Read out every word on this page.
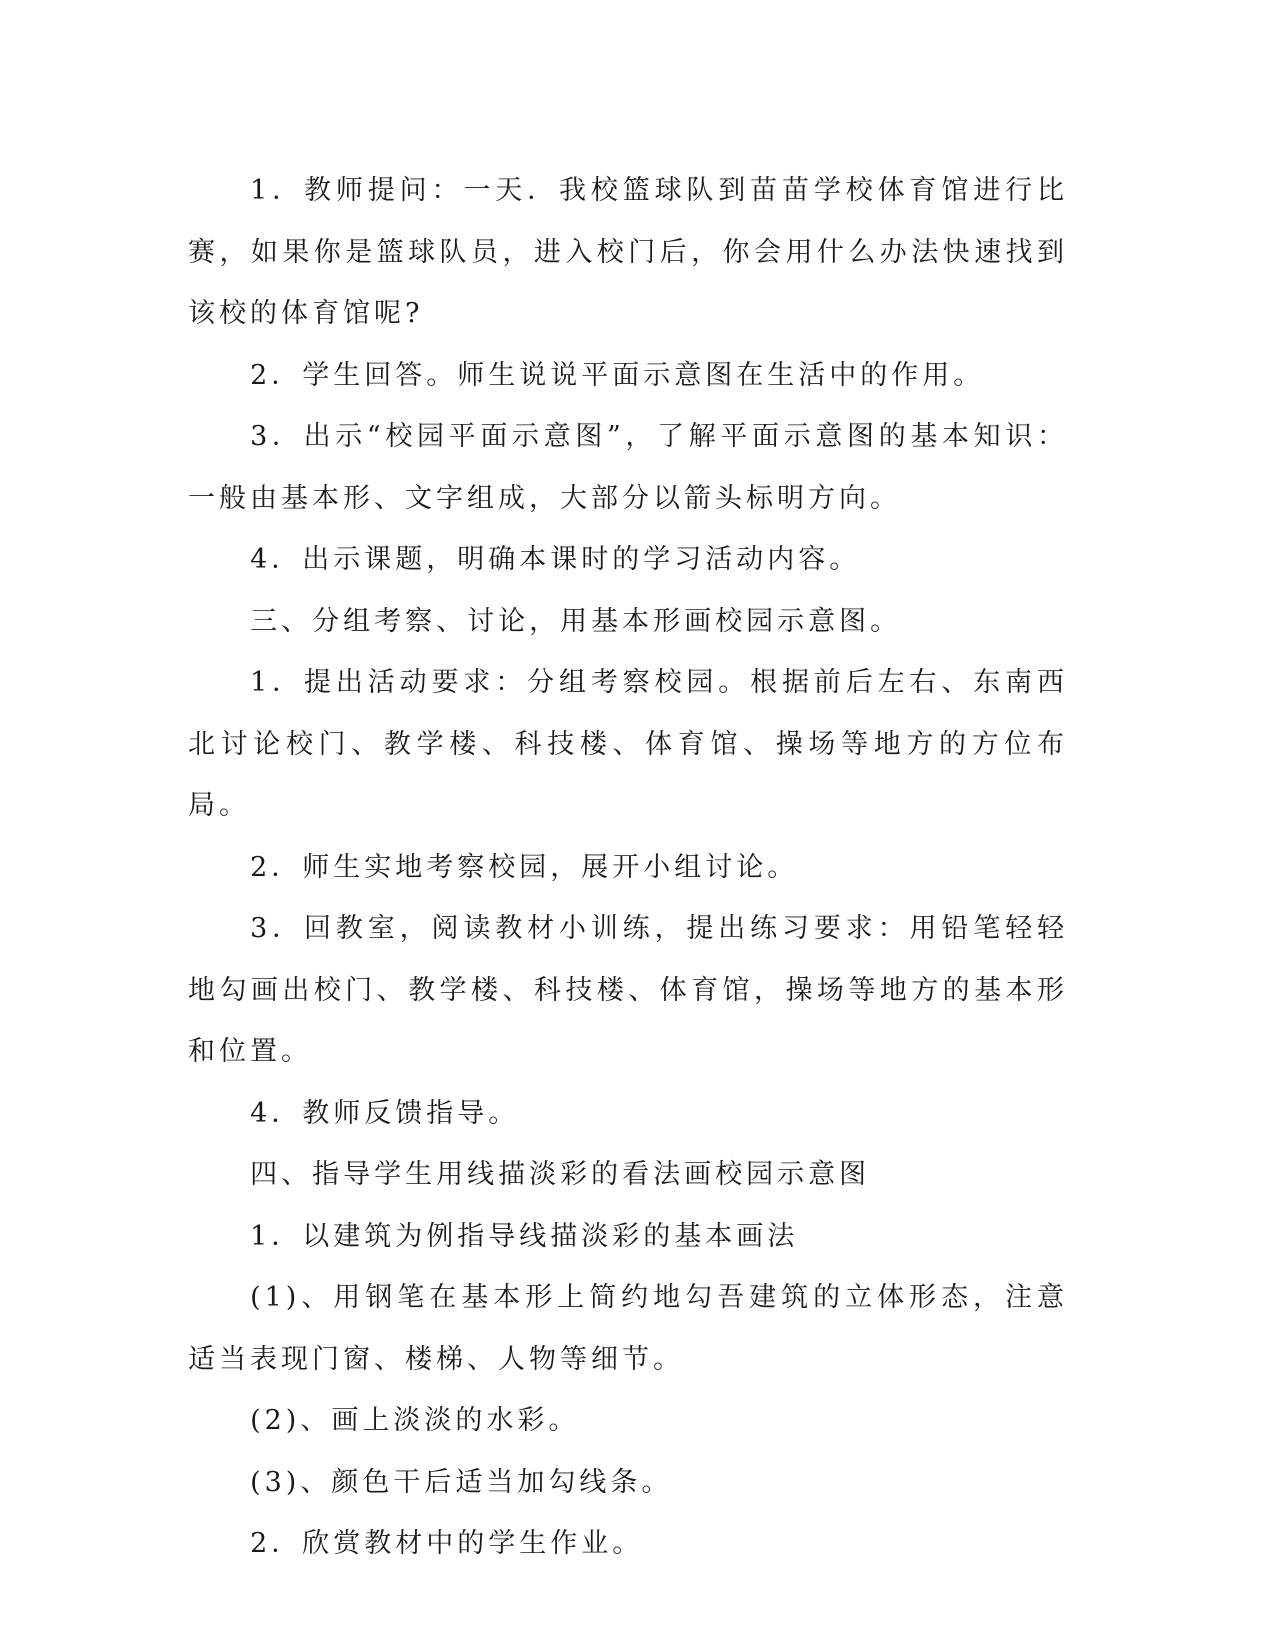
1．教师提问：一天．我校篮球队到苗苗学校体育馆进行比赛，如果你是篮球队员，进入校门后，你会用什么办法快速找到该校的体育馆呢?

2．学生回答。师生说说平面示意图在生活中的作用。

3．出示“校园平面示意图”，了解平面示意图的基本知识：一般由基本形、文字组成，大部分以箭头标明方向。

4．出示课题，明确本课时的学习活动内容。

三、分组考察、讨论，用基本形画校园示意图。

1．提出活动要求：分组考察校园。根据前后左右、东南西北讨论校门、教学楼、科技楼、体育馆、操场等地方的方位布局。

2．师生实地考察校园，展开小组讨论。

3．回教室，阅读教材小训练，提出练习要求：用铅笔轻轻地勾画出校门、教学楼、科技楼、体育馆，操场等地方的基本形和位置。

4．教师反馈指导。

四、指导学生用线描淡彩的看法画校园示意图

1．以建筑为例指导线描淡彩的基本画法

(1)、用钢笔在基本形上简约地勾吾建筑的立体形态，注意适当表现门窗、楼梯、人物等细节。

(2)、画上淡淡的水彩。

(3)、颜色干后适当加勾线条。

2．欣赏教材中的学生作业。
